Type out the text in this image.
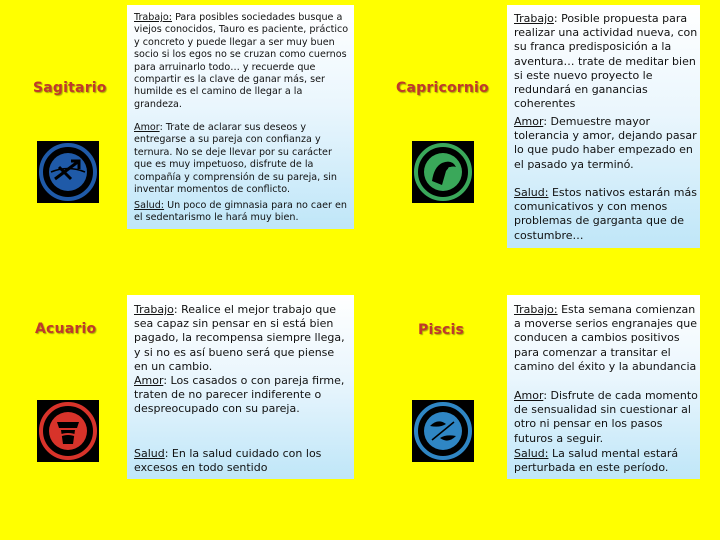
Sagitario
Trabajo: Para posibles sociedades busque a viejos conocidos, Tauro es paciente, práctico y concreto y puede llegar a ser muy buen socio si los egos no se cruzan como cuernos para arruinarlo todo… y recuerde que compartir es la clave de ganar más, ser humilde es el camino de llegar a la grandeza.
Amor: Trate de aclarar sus deseos y entregarse a su pareja con confianza y ternura. No se deje llevar por su carácter que es muy impetuoso, disfrute de la compañía y comprensión de su pareja, sin inventar momentos de conflicto.
Salud: Un poco de gimnasia para no caer en el sedentarismo le hará muy bien.
Capricornio
Trabajo: Posible propuesta para realizar una actividad nueva, con su franca predisposición a la aventura… trate de meditar bien si este nuevo proyecto le redundará en ganancias coherentes
Amor: Demuestre mayor tolerancia y amor, dejando pasar lo que pudo haber empezado en el pasado ya terminó.
Salud: Estos nativos estarán más comunicativos y con menos problemas de garganta que de costumbre…
Acuario
Trabajo: Realice el mejor trabajo que sea capaz sin pensar en si está bien pagado, la recompensa siempre llega, y si no es así bueno será que piense en un cambio.
Amor: Los casados o con pareja firme, traten de no parecer indiferente o despreocupado con su pareja.
Salud: En la salud cuidado con los excesos en todo sentido
Piscis
Trabajo: Esta semana comienzan a moverse serios engranajes que conducen a cambios positivos para comenzar a transitar el camino del éxito y la abundancia
Amor: Disfrute de cada momento de sensualidad sin cuestionar al otro ni pensar en los pasos futuros a seguir.
Salud: La salud mental estará perturbada en este período.
